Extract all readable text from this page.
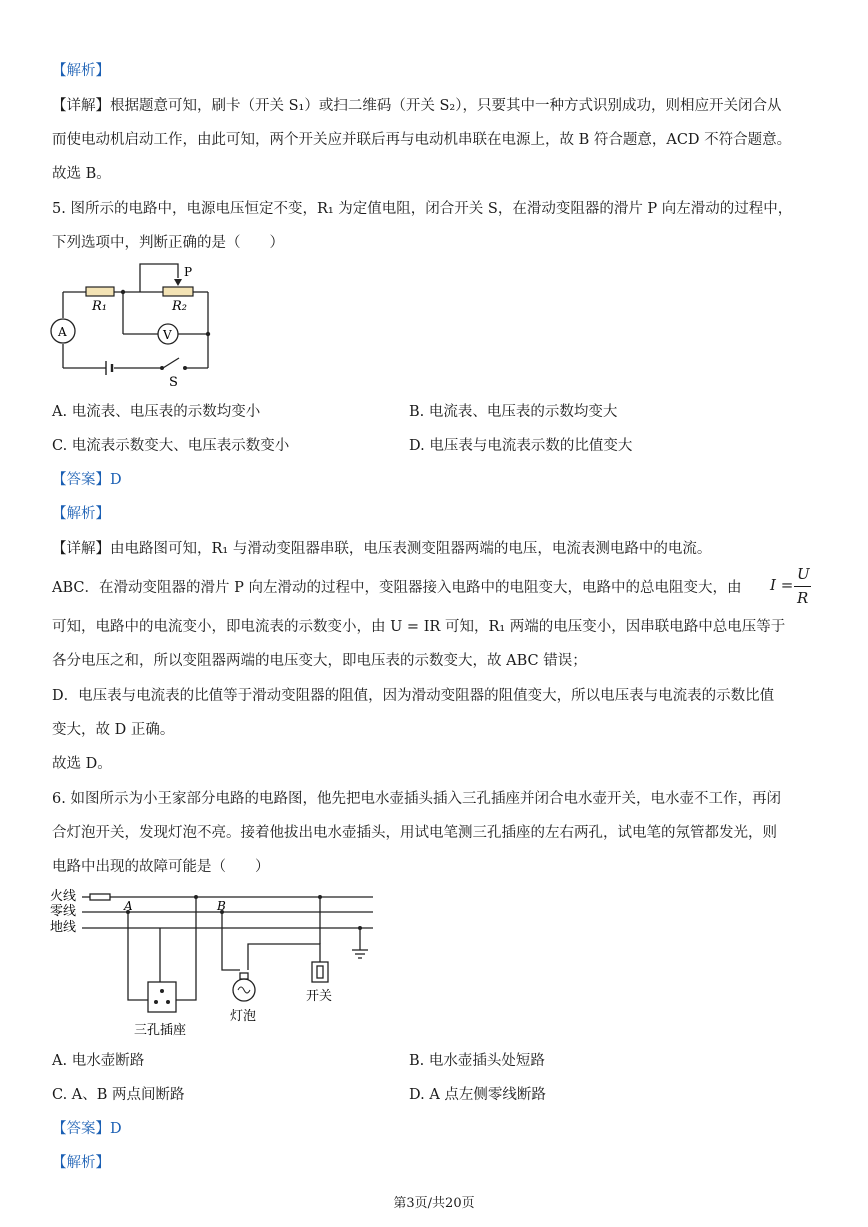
【解析】
【详解】根据题意可知，刷卡（开关 S₁）或扫二维码（开关 S₂），只要其中一种方式识别成功，则相应开关闭合从
而使电动机启动工作，由此可知，两个开关应并联后再与电动机串联在电源上，故 B 符合题意，ACD 不符合题意。
故选 B。
5. 图所示的电路中，电源电压恒定不变，R₁ 为定值电阻，闭合开关 S，在滑动变阻器的滑片 P 向左滑动的过程中，
下列选项中，判断正确的是（　　）
R₁	R₂
P
A	V
S
A. 电流表、电压表的示数均变小	B. 电流表、电压表的示数均变大
C. 电流表示数变大、电压表示数变小	D. 电压表与电流表示数的比值变大
【答案】D
【解析】
【详解】由电路图可知，R₁ 与滑动变阻器串联，电压表测变阻器两端的电压，电流表测电路中的电流。
ABC．在滑动变阻器的滑片 P 向左滑动的过程中，变阻器接入电路中的电阻变大，电路中的总电阻变大，由 I =
U
R
可知，电路中的电流变小，即电流表的示数变小，由 U = IR 可知，R₁ 两端的电压变小，因串联电路中总电压等于
各分电压之和，所以变阻器两端的电压变大，即电压表的示数变大，故 ABC 错误；
D．电压表与电流表的比值等于滑动变阻器的阻值，因为滑动变阻器的阻值变大，所以电压表与电流表的示数比值
变大，故 D 正确。
故选 D。
6. 如图所示为小王家部分电路的电路图，他先把电水壶插头插入三孔插座并闭合电水壶开关，电水壶不工作，再闭
合灯泡开关，发现灯泡不亮。接着他拔出电水壶插头，用试电笔测三孔插座的左右两孔，试电笔的氖管都发光，则
电路中出现的故障可能是（　　）
火线
零线
地线
A	B
三孔插座
灯泡
开关
A. 电水壶断路	B. 电水壶插头处短路
C. A、B 两点间断路	D. A 点左侧零线断路
【答案】D
【解析】
第3页/共20页
